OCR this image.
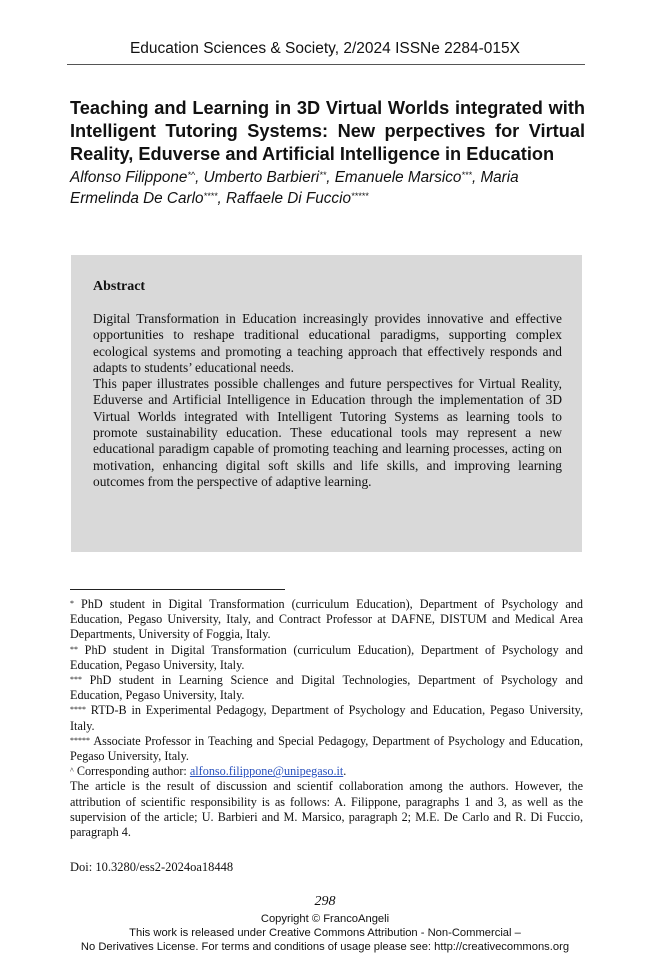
Education Sciences & Society, 2/2024 ISSNe 2284-015X
Teaching and Learning in 3D Virtual Worlds integrated with Intelligent Tutoring Systems: New perpectives for Virtual Reality, Eduverse and Artificial Intelligence in Education
Alfonso Filippone*^, Umberto Barbieri**, Emanuele Marsico***, Maria Ermelinda De Carlo****, Raffaele Di Fuccio*****
Abstract

Digital Transformation in Education increasingly provides innovative and effective opportunities to reshape traditional educational paradigms, supporting complex ecological systems and promoting a teaching approach that effectively responds and adapts to students’ educational needs.

This paper illustrates possible challenges and future perspectives for Virtual Reality, Eduverse and Artificial Intelligence in Education through the implementation of 3D Virtual Worlds integrated with Intelligent Tutoring Systems as learning tools to promote sustainability education. These educational tools may represent a new educational paradigm capable of promoting teaching and learning processes, acting on motivation, enhancing digital soft skills and life skills, and improving learning outcomes from the perspective of adaptive learning.

* PhD student in Digital Transformation (curriculum Education), Department of Psychology and Education, Pegaso University, Italy, and Contract Professor at DAFNE, DISTUM and Medical Area Departments, University of Foggia, Italy.

** PhD student in Digital Transformation (curriculum Education), Department of Psychology and Education, Pegaso University, Italy.

*** PhD student in Learning Science and Digital Technologies, Department of Psychology and Education, Pegaso University, Italy.

**** RTD-B in Experimental Pedagogy, Department of Psychology and Education, Pegaso University, Italy.

***** Associate Professor in Teaching and Special Pedagogy, Department of Psychology and Education, Pegaso University, Italy.

^ Corresponding author: alfonso.filippone@unipegaso.it.

The article is the result of discussion and scientif collaboration among the authors. However, the attribution of scientific responsibility is as follows: A. Filippone, paragraphs 1 and 3, as well as the supervision of the article; U. Barbieri and M. Marsico, paragraph 2; M.E. De Carlo and R. Di Fuccio, paragraph 4.

Doi: 10.3280/ess2-2024oa18448
298
Copyright © FrancoAngeli
This work is released under Creative Commons Attribution - Non-Commercial –
No Derivatives License. For terms and conditions of usage please see: http://creativecommons.org
